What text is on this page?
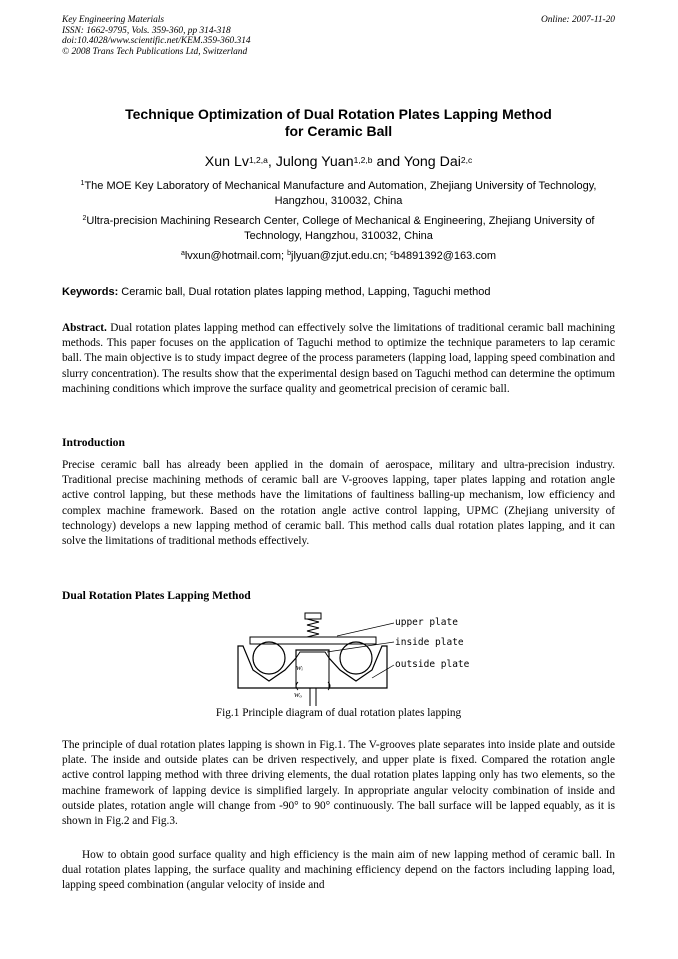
Key Engineering Materials
ISSN: 1662-9795, Vols. 359-360, pp 314-318
doi:10.4028/www.scientific.net/KEM.359-360.314
© 2008 Trans Tech Publications Ltd, Switzerland
Online: 2007-11-20
Technique Optimization of Dual Rotation Plates Lapping Method
for Ceramic Ball
Xun Lv$^{1,2,a}$, Julong Yuan$^{1,2,b}$ and Yong Dai$^{2,c}$
$^1$The MOE Key Laboratory of Mechanical Manufacture and Automation, Zhejiang University of Technology, Hangzhou, 310032, China
$^2$Ultra-precision Machining Research Center, College of Mechanical & Engineering, Zhejiang University of Technology, Hangzhou, 310032, China
$^a$lvxun@hotmail.com; $^b$jlyuan@zjut.edu.cn; $^c$b4891392@163.com
Keywords: Ceramic ball, Dual rotation plates lapping method, Lapping, Taguchi method
Abstract. Dual rotation plates lapping method can effectively solve the limitations of traditional ceramic ball machining methods. This paper focuses on the application of Taguchi method to optimize the technique parameters to lap ceramic ball. The main objective is to study impact degree of the process parameters (lapping load, lapping speed combination and slurry concentration). The results show that the experimental design based on Taguchi method can determine the optimum machining conditions which improve the surface quality and geometrical precision of ceramic ball.
Introduction
Precise ceramic ball has already been applied in the domain of aerospace, military and ultra-precision industry. Traditional precise machining methods of ceramic ball are V-grooves lapping, taper plates lapping and rotation angle active control lapping, but these methods have the limitations of faultiness balling-up mechanism, low efficiency and complex machine framework. Based on the rotation angle active control lapping, UPMC (Zhejiang university of technology) develops a new lapping method of ceramic ball. This method calls dual rotation plates lapping, and it can solve the limitations of traditional methods effectively.
Dual Rotation Plates Lapping Method
upper plate
inside plate
outside plate
wᵢ
wₒ
Fig.1 Principle diagram of dual rotation plates lapping
The principle of dual rotation plates lapping is shown in Fig.1. The V-grooves plate separates into inside plate and outside plate. The inside and outside plates can be driven respectively, and upper plate is fixed. Compared the rotation angle active control lapping method with three driving elements, the dual rotation plates lapping only has two elements, so the machine framework of lapping device is simplified largely. In appropriate angular velocity combination of inside and outside plates, rotation angle will change from -90° to 90° continuously. The ball surface will be lapped equably, as it is shown in Fig.2 and Fig.3.
How to obtain good surface quality and high efficiency is the main aim of new lapping method of ceramic ball. In dual rotation plates lapping, the surface quality and machining efficiency depend on the factors including lapping load, lapping speed combination (angular velocity of inside and
